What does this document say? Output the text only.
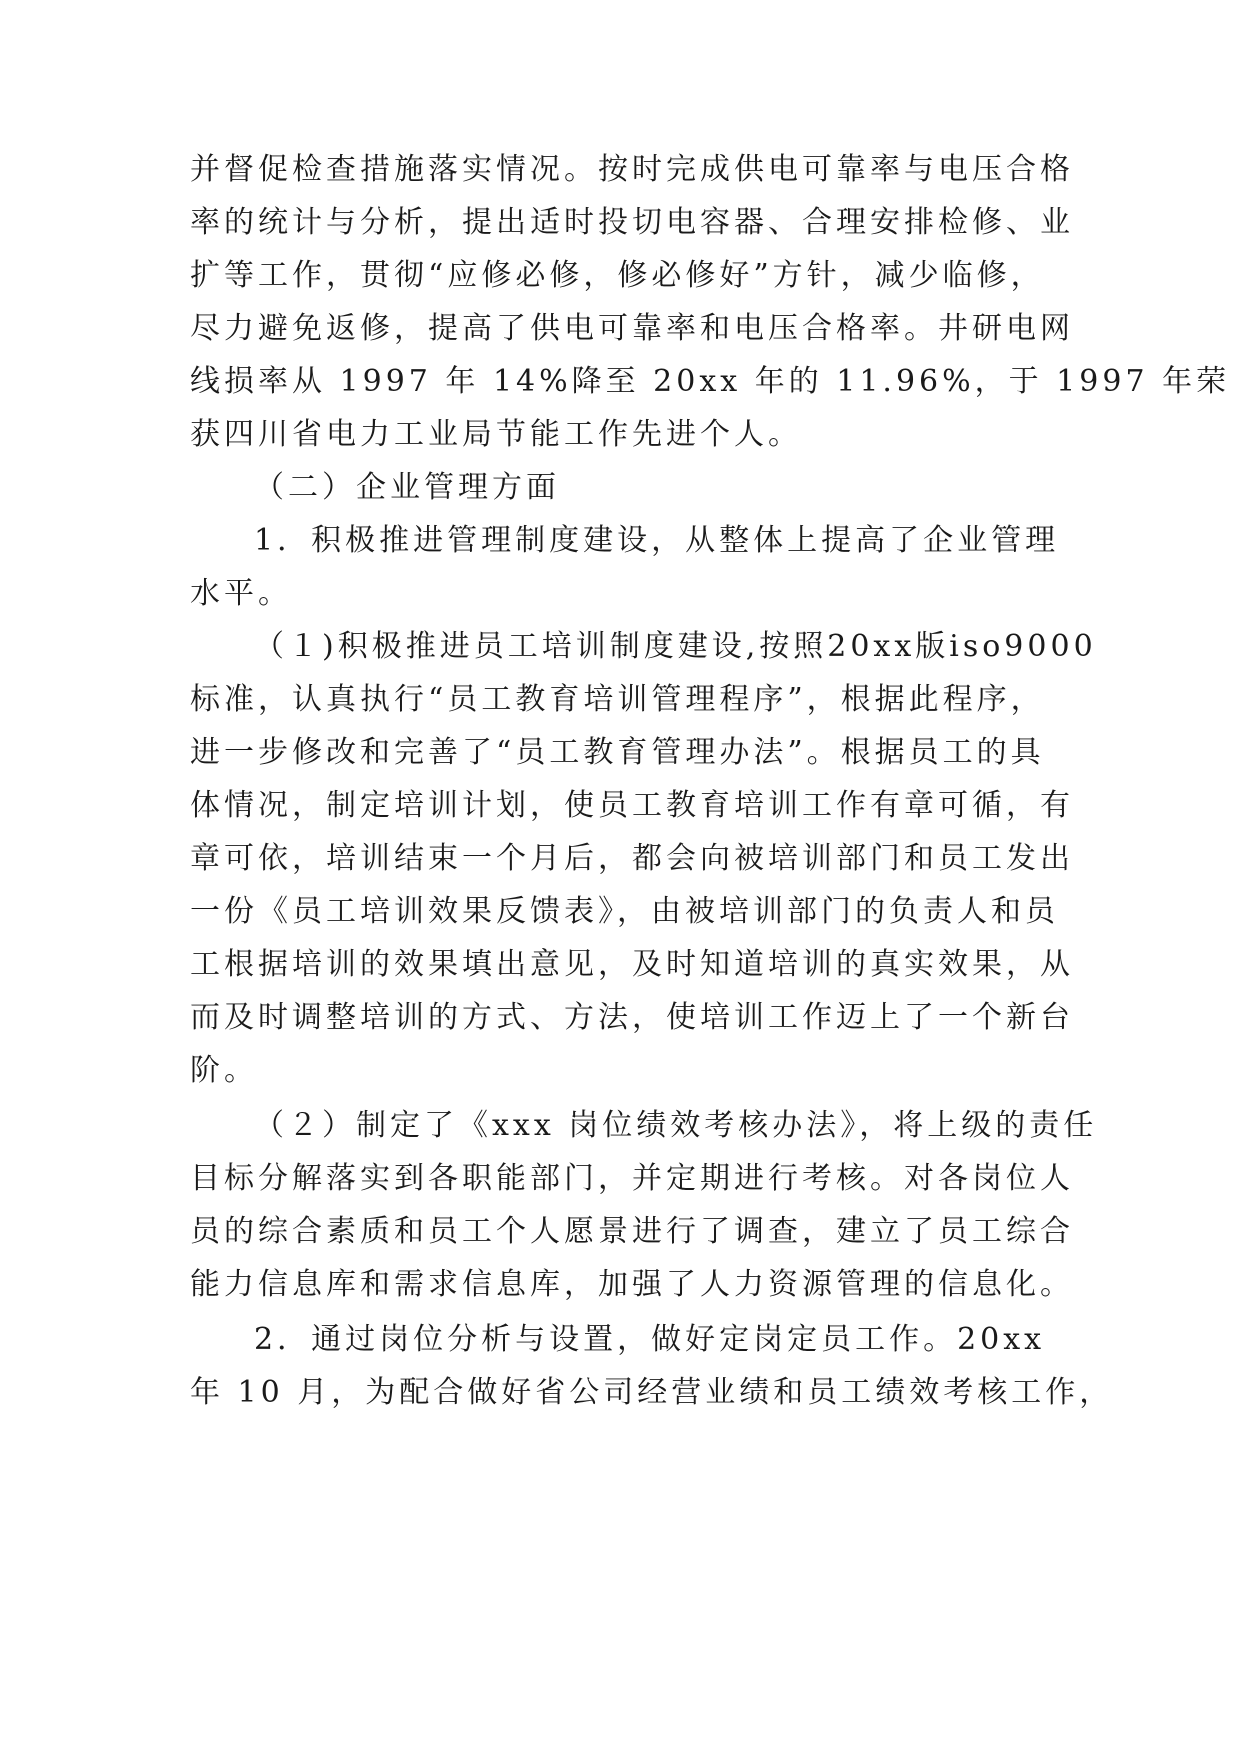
并督促检查措施落实情况。按时完成供电可靠率与电压合格
率的统计与分析，提出适时投切电容器、合理安排检修、业
扩等工作，贯彻“应修必修，修必修好”方针，减少临修，
尽力避免返修，提高了供电可靠率和电压合格率。井研电网
线损率从 1997 年 14%降至 20xx 年的 11.96%，于 1997 年荣
获四川省电力工业局节能工作先进个人。
（二）企业管理方面
1．积极推进管理制度建设，从整体上提高了企业管理
水平。
（１)积极推进员工培训制度建设,按照20xx版iso9000
标准，认真执行“员工教育培训管理程序”，根据此程序，
进一步修改和完善了“员工教育管理办法”。根据员工的具
体情况，制定培训计划，使员工教育培训工作有章可循，有
章可依，培训结束一个月后，都会向被培训部门和员工发出
一份《员工培训效果反馈表》，由被培训部门的负责人和员
工根据培训的效果填出意见，及时知道培训的真实效果，从
而及时调整培训的方式、方法，使培训工作迈上了一个新台
阶。
（２）制定了《xxx 岗位绩效考核办法》，将上级的责任
目标分解落实到各职能部门，并定期进行考核。对各岗位人
员的综合素质和员工个人愿景进行了调查，建立了员工综合
能力信息库和需求信息库，加强了人力资源管理的信息化。
2．通过岗位分析与设置，做好定岗定员工作。20xx
年 10 月，为配合做好省公司经营业绩和员工绩效考核工作，
